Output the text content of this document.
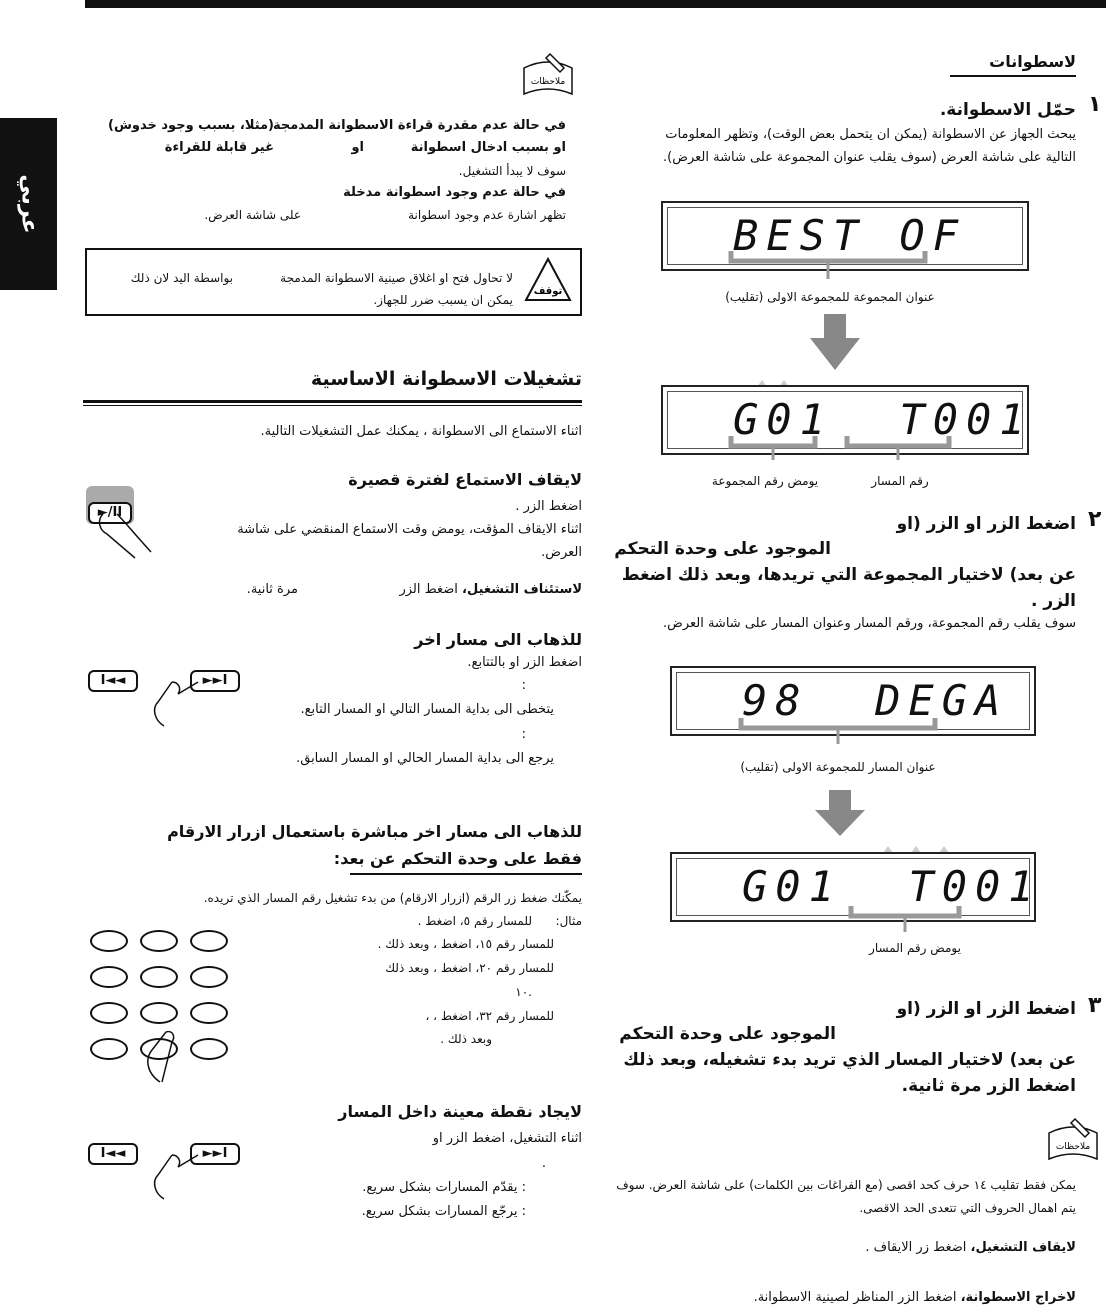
عربي
لاسطوانات
١
حمّل الاسطوانة.
يبحث الجهاز عن الاسطوانة (يمكن ان يتحمل بعض الوقت)، وتظهر المعلومات
التالية على شاشة العرض (سوف يقلب عنوان المجموعة على شاشة العرض).
BEST OF
عنوان المجموعة للمجموعة الاولى (تقليب)
G01  T001
رقم المسار
يومض رقم المجموعة
٢
اضغط الزر او الزر (او
الموجود على وحدة التحكم
عن بعد) لاختيار المجموعة التي تريدها، وبعد ذلك اضغط
الزر .
سوف يقلب رقم المجموعة، ورقم المسار وعنوان المسار على شاشة العرض.
98  DEGA
عنوان المسار للمجموعة الاولى (تقليب)
G01  T001
يومض رقم المسار
٣
اضغط الزر او الزر (او
الموجود على وحدة التحكم
عن بعد) لاختيار المسار الذي تريد بدء تشغيله، وبعد ذلك
اضغط الزر مرة ثانية.
ملاحظات
يمكن فقط تقليب ١٤ حرف كحد اقصى (مع الفراغات بين الكلمات) على شاشة العرض. سوف
يتم اهمال الحروف التي تتعدى الحد الاقصى.
لايقاف التشغيل، اضغط زر الايقاف .
لاخراج الاسطوانة، اضغط الزر المناظر لصينية الاسطوانة.
ملاحظات
في حالة عدم مقدرة قراءة الاسطوانة المدمجة
(مثلا، بسبب وجود خدوش)
او بسبب ادخال اسطوانة
او
غير قابلة للقراءة
سوف لا يبدأ التشغيل.
في حالة عدم وجود اسطوانة مدخلة
تظهر اشارة عدم وجود اسطوانة
على شاشة العرض.
توقف
لا تحاول فتح او اغلاق صينية الاسطوانة المدمجة
بواسطة اليد لان ذلك
يمكن ان يسبب ضرر للجهاز.
تشغيلات الاسطوانة الاساسية
اثناء الاستماع الى الاسطوانة ، يمكنك عمل التشغيلات التالية.
لايقاف الاستماع لفترة قصيرة
اضغط الزر .
اثناء الايقاف المؤقت، يومض وقت الاستماع المنقضي على شاشة
العرض.
لاستئناف التشغيل، اضغط الزر
مرة ثانية.
►/II
للذهاب الى مسار اخر
اضغط الزر او بالتتابع.
:
يتخطى الى بداية المسار التالي او المسار التابع.
:
يرجع الى بداية المسار الحالي او المسار السابق.
I◄◄	►►I
للذهاب الى مسار اخر مباشرة باستعمال ازرار الارقام
فقط على وحدة التحكم عن بعد:
يمكّنك ضغط زر الرقم (ازرار الارقام) من بدء تشغيل رقم المسار الذي تريده.
مثال:
للمسار رقم ٥، اضغط .
للمسار رقم ١٥، اضغط ، وبعد ذلك .
للمسار رقم ٢٠، اضغط ، وبعد ذلك
.١٠
للمسار رقم ٣٢، اضغط ، ،
وبعد ذلك .
لايجاد نقطة معينة داخل المسار
اثناء التشغيل، اضغط الزر او
.
: يقدّم المسارات بشكل سريع.
: يرجّع المسارات بشكل سريع.
I◄◄	►►I
